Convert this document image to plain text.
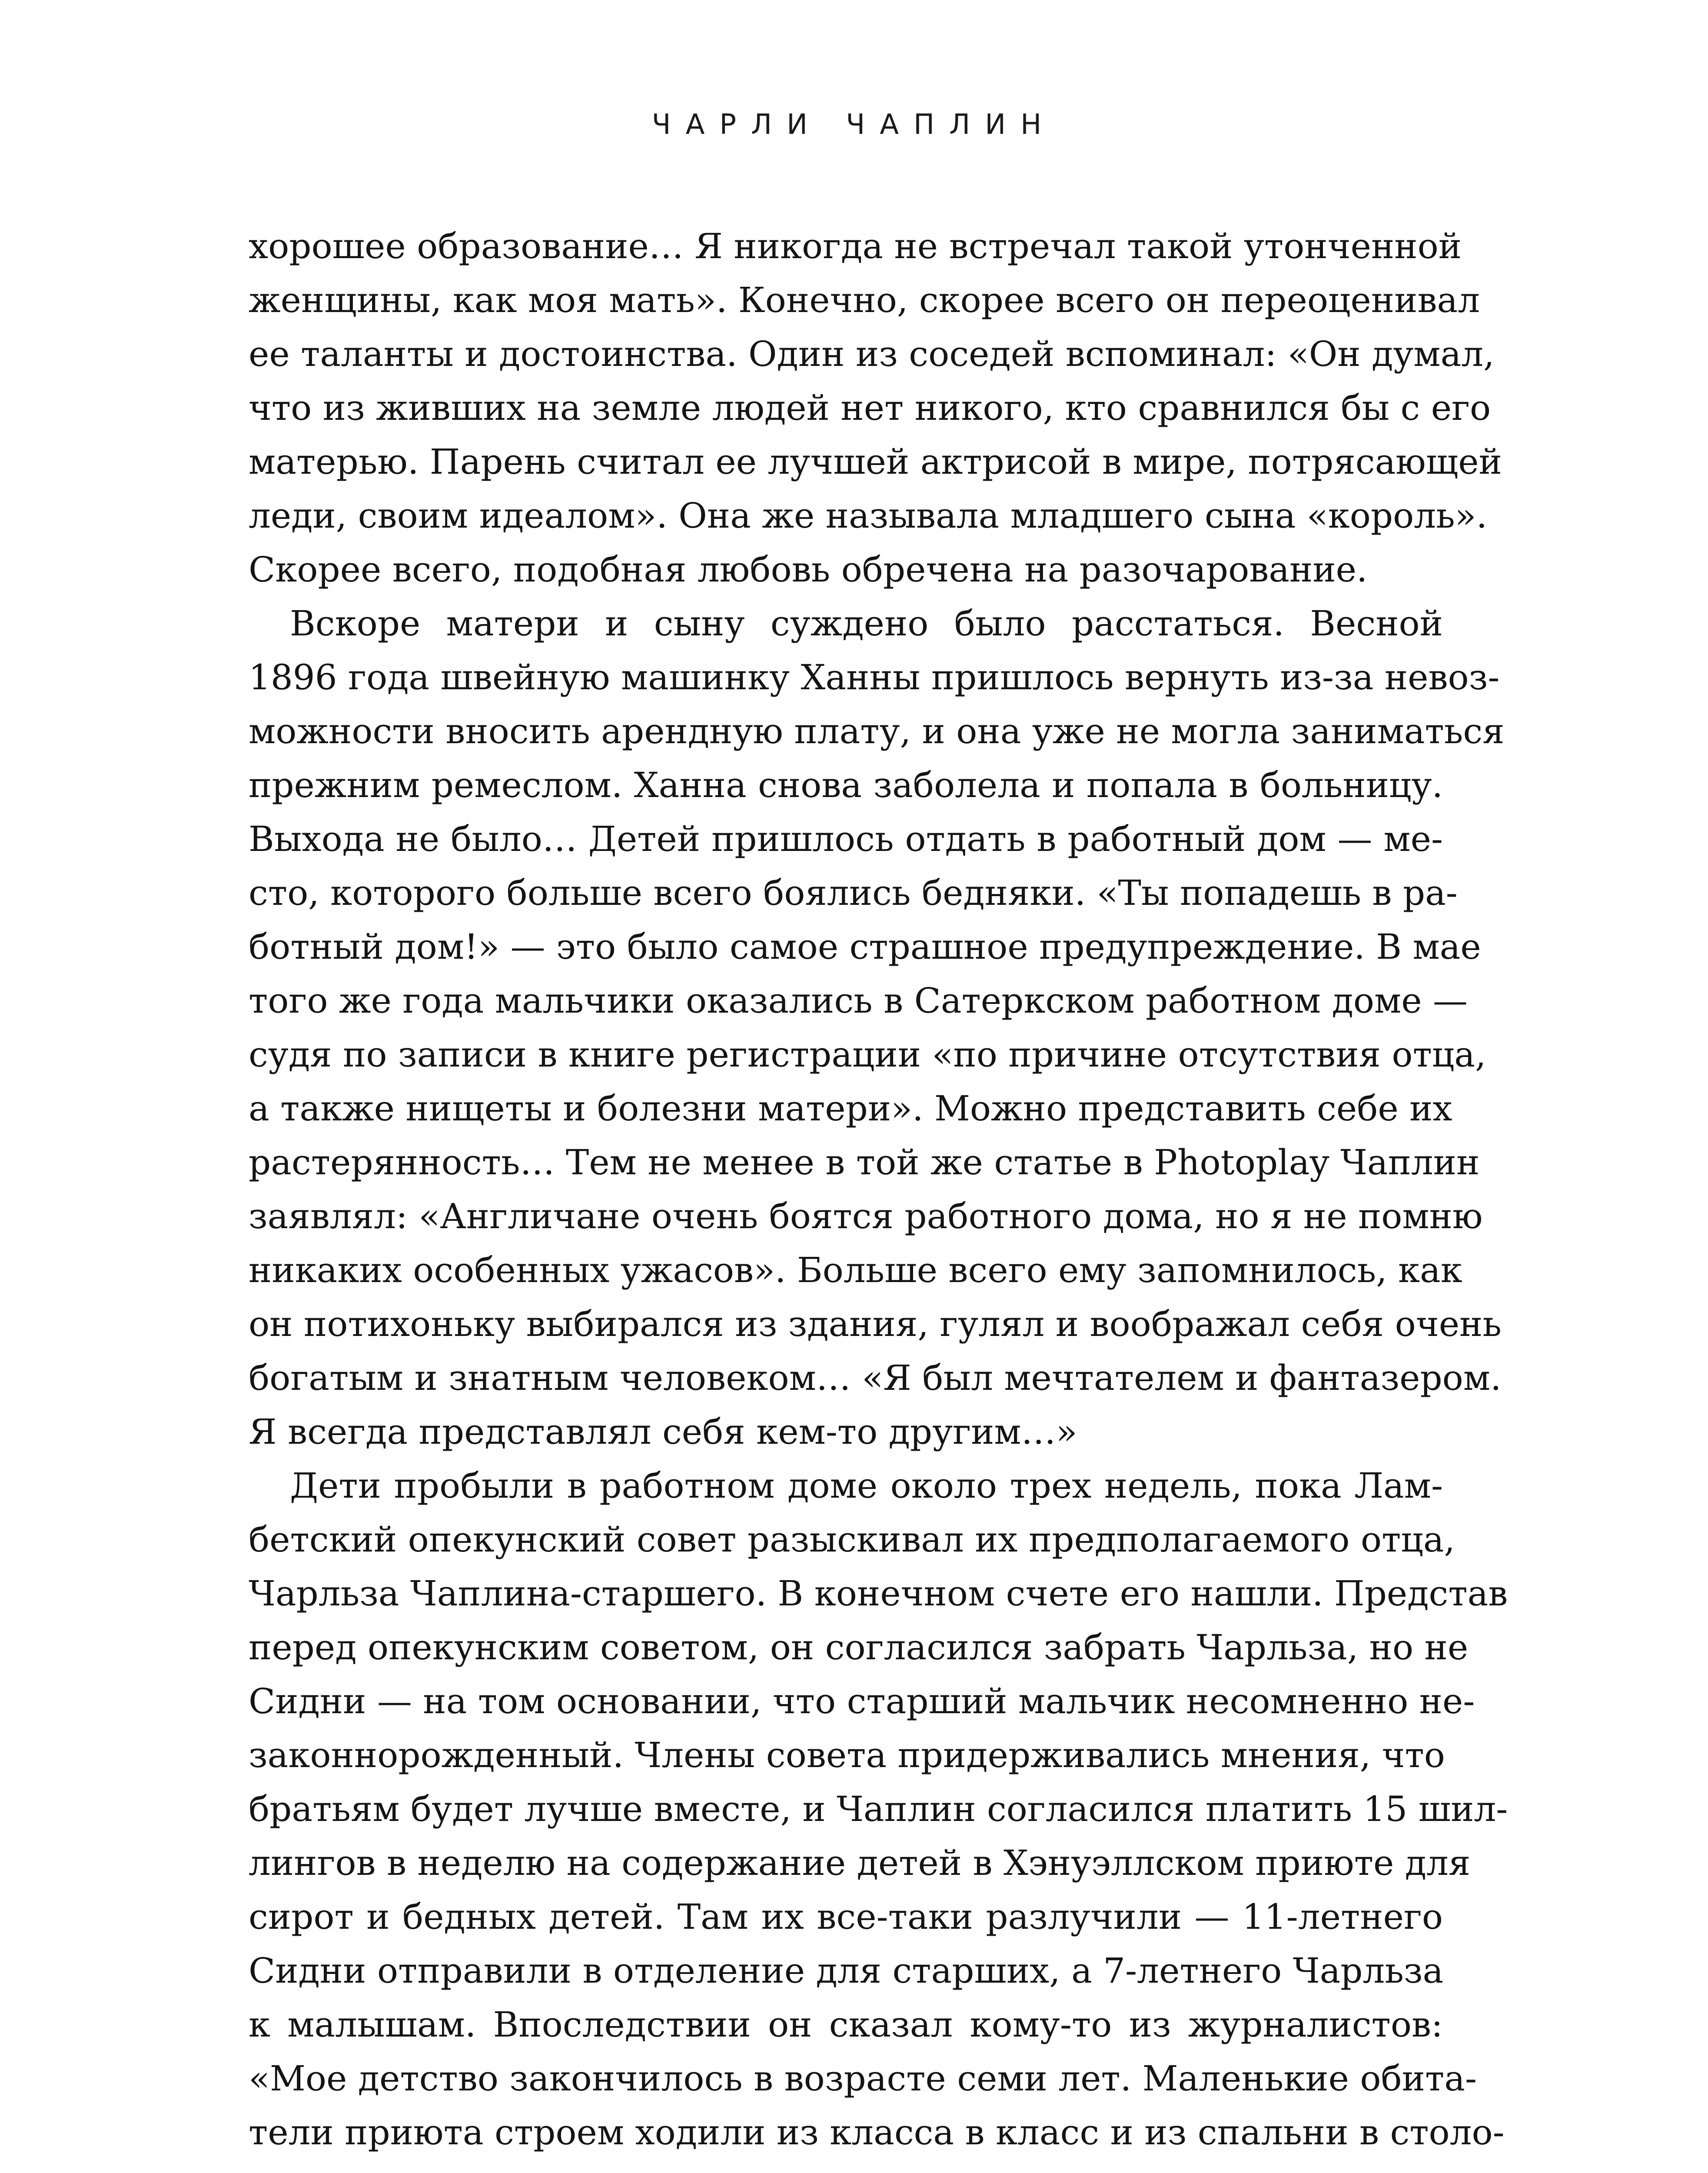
ЧАРЛИ ЧАПЛИН

хорошее образование… Я никогда не встречал такой утонченной
женщины, как моя мать». Конечно, скорее всего он переоценивал
ее таланты и достоинства. Один из соседей вспоминал: «Он думал,
что из живших на земле людей нет никого, кто сравнился бы с его
матерью. Парень считал ее лучшей актрисой в мире, потрясающей
леди, своим идеалом». Она же называла младшего сына «король».
Скорее всего, подобная любовь обречена на разочарование.

Вскоре матери и сыну суждено было расстаться. Весной
1896 года швейную машинку Ханны пришлось вернуть из-за невоз-
можности вносить арендную плату, и она уже не могла заниматься
прежним ремеслом. Ханна снова заболела и попала в больницу.
Выхода не было… Детей пришлось отдать в работный дом — ме-
сто, которого больше всего боялись бедняки. «Ты попадешь в ра-
ботный дом!» — это было самое страшное предупреждение. В мае
того же года мальчики оказались в Сатеркском работном доме —
судя по записи в книге регистрации «по причине отсутствия отца,
а также нищеты и болезни матери». Можно представить себе их
растерянность… Тем не менее в той же статье в Photoplay Чаплин
заявлял: «Англичане очень боятся работного дома, но я не помню
никаких особенных ужасов». Больше всего ему запомнилось, как
он потихоньку выбирался из здания, гулял и воображал себя очень
богатым и знатным человеком… «Я был мечтателем и фантазером.
Я всегда представлял себя кем-то другим…»

Дети пробыли в работном доме около трех недель, пока Лам-
бетский опекунский совет разыскивал их предполагаемого отца,
Чарльза Чаплина-старшего. В конечном счете его нашли. Представ
перед опекунским советом, он согласился забрать Чарльза, но не
Сидни — на том основании, что старший мальчик несомненно не-
законнорожденный. Члены совета придерживались мнения, что
братьям будет лучше вместе, и Чаплин согласился платить 15 шил-
лингов в неделю на содержание детей в Хэнуэллском приюте для
сирот и бедных детей. Там их все-таки разлучили — 11-летнего
Сидни отправили в отделение для старших, а 7-летнего Чарльза
к малышам. Впоследствии он сказал кому-то из журналистов:
«Мое детство закончилось в возрасте семи лет. Маленькие обита-
тели приюта строем ходили из класса в класс и из спальни в столо-
